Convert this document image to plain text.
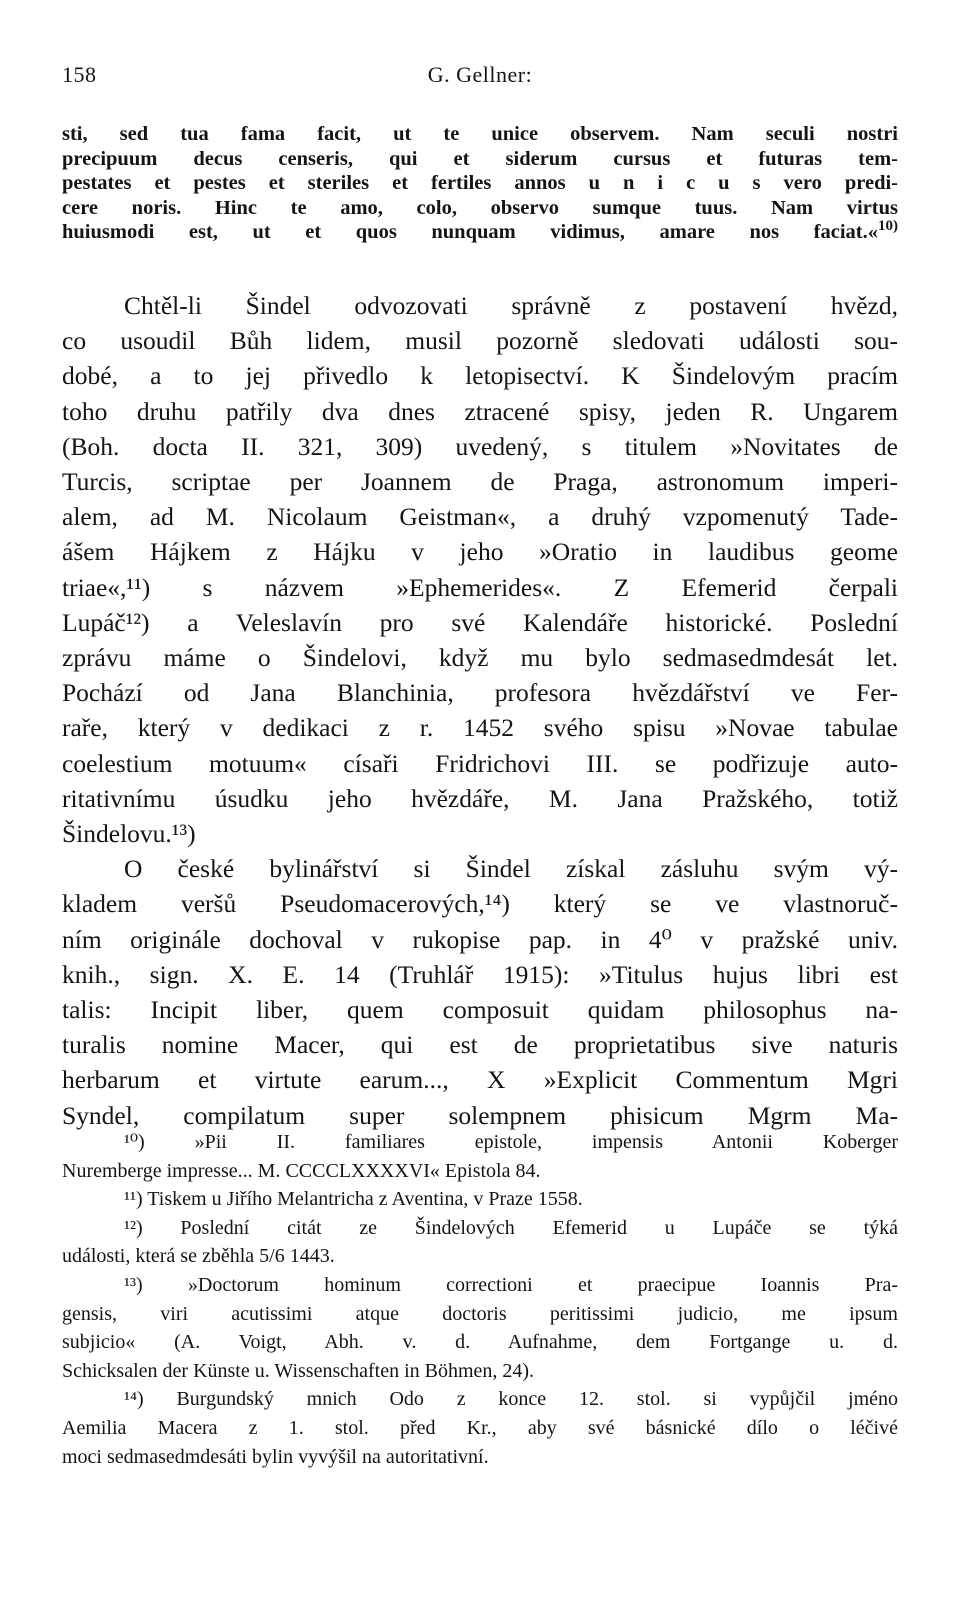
158	G. Gellner:
sti, sed tua fama facit, ut te unice observem. Nam seculi nostri
precipuum decus censeris, qui et siderum cursus et futuras tem-
pestates et pestes et steriles et fertiles annos u n i c u s vero predi-
cere noris. Hinc te amo, colo, observo sumque tuus. Nam virtus
huiusmodi est, ut et quos nunquam vidimus, amare nos faciat.«$^{10)}$
Chtěl-li Šindel odvozovati správně z postavení hvězd,
co usoudil Bůh lidem, musil pozorně sledovati události sou-
dobé, a to jej přivedlo k letopisectví. K Šindelovým pracím
toho druhu patřily dva dnes ztracené spisy, jeden R. Ungarem
(Boh. docta II. 321, 309) uvedený, s titulem »Novitates de
Turcis, scriptae per Joannem de Praga, astronomum imperi-
alem, ad M. Nicolaum Geistman«, a druhý vzpomenutý Tade-
ášem Hájkem z Hájku v jeho »Oratio in laudibus geome
triae«,¹¹) s názvem »Ephemerides«. Z Efemerid čerpali
Lupáč¹²) a Veleslavín pro své Kalendáře historické. Poslední
zprávu máme o Šindelovi, když mu bylo sedmasedmdesát let.
Pochází od Jana Blanchinia, profesora hvězdářství ve Fer-
raře, který v dedikaci z r. 1452 svého spisu »Novae tabulae
coelestium motuum« císaři Fridrichovi III. se podřizuje auto-
ritativnímu úsudku jeho hvězdáře, M. Jana Pražského, totiž
Šindelovu.¹³)
O české bylinářství si Šindel získal zásluhu svým vý-
kladem veršů Pseudomacerových,¹⁴) který se ve vlastnoruč-
ním originále dochoval v rukopise pap. in 4⁰ v pražské univ.
knih., sign. X. E. 14 (Truhlář 1915): »Titulus hujus libri est
talis: Incipit liber, quem composuit quidam philosophus na-
turalis nomine Macer, qui est de proprietatibus sive naturis
herbarum et virtute earum..., X »Explicit Commentum Mgri
Syndel, compilatum super solempnem phisicum Mgrm Ma-
¹⁰) »Pii II. familiares epistole, impensis Antonii Koberger
Nuremberge impresse... M. CCCCLXXXXVI« Epistola 84.
¹¹) Tiskem u Jiřího Melantricha z Aventina, v Praze 1558.
¹²) Poslední citát ze Šindelových Efemerid u Lupáče se týká
události, která se zběhla 5/6 1443.
¹³) »Doctorum hominum correctioni et praecipue Ioannis Pra-
gensis, viri acutissimi atque doctoris peritissimi judicio, me ipsum
subjicio« (A. Voigt, Abh. v. d. Aufnahme, dem Fortgange u. d.
Schicksalen der Künste u. Wissenschaften in Böhmen, 24).
¹⁴) Burgundský mnich Odo z konce 12. stol. si vypůjčil jméno
Aemilia Macera z 1. stol. před Kr., aby své básnické dílo o léčivé
moci sedmasedmdesáti bylin vyvýšil na autoritativní.
